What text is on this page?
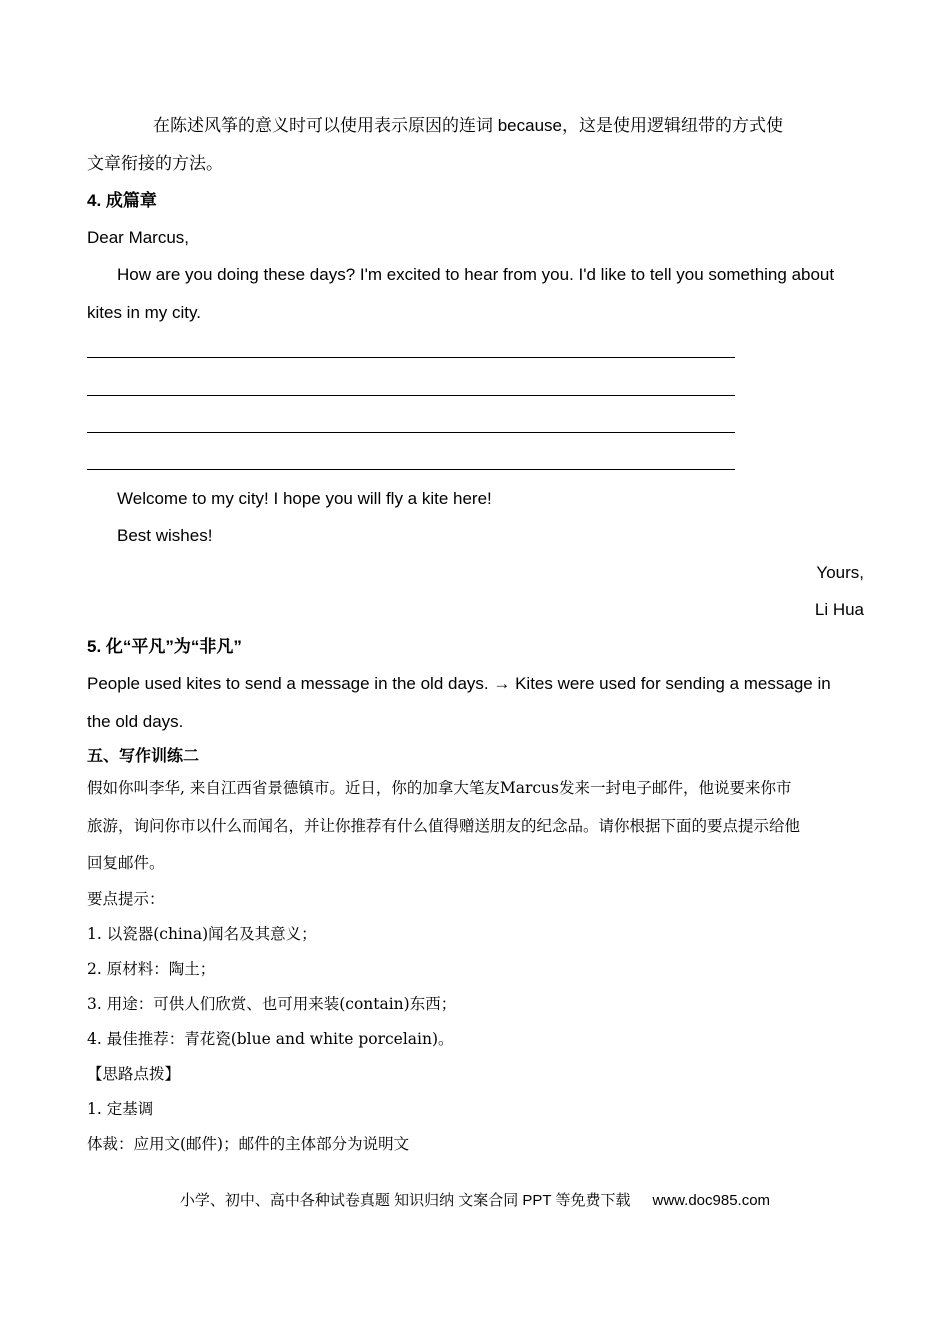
在陈述风筝的意义时可以使用表示原因的连词 because，这是使用逻辑纽带的方式使
文章衔接的方法。
4. 成篇章
Dear Marcus,
How are you doing these days? I'm excited to hear from you. I'd like to tell you something about
kites in my city.
Welcome to my city! I hope you will fly a kite here!
Best wishes!
Yours,
Li Hua
5. 化“平凡”为“非凡”
People used kites to send a message in the old days. → Kites were used for sending a message in
the old days.
五、写作训练二
假如你叫李华, 来自江西省景德镇市。近日，你的加拿大笔友Marcus发来一封电子邮件，他说要来你市
旅游，询问你市以什么而闻名，并让你推荐有什么值得赠送朋友的纪念品。请你根据下面的要点提示给他
回复邮件。
要点提示：
1. 以瓷器(china)闻名及其意义；
2. 原材料：陶土；
3. 用途：可供人们欣赏、也可用来装(contain)东西；
4. 最佳推荐：青花瓷(blue and white porcelain)。
【思路点拨】
1. 定基调
体裁：应用文(邮件)；邮件的主体部分为说明文
小学、初中、高中各种试卷真题 知识归纳 文案合同 PPT 等免费下载 www.doc985.com
